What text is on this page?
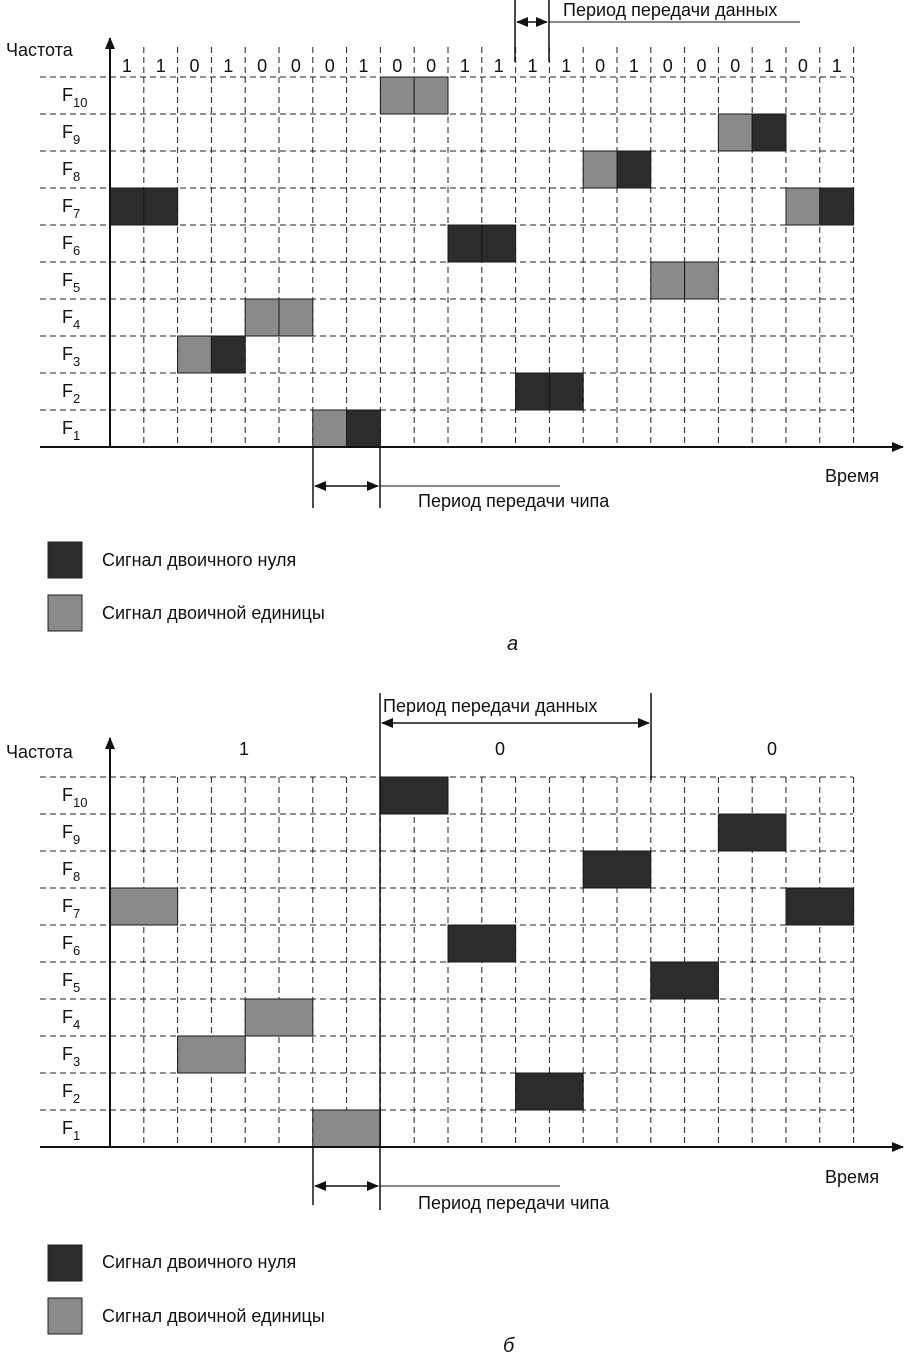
1 1 0 1 0 0 0 1 0 0 1 1 1 1 0 1 0 0 0 1 0 1
$F_{10}$
$F_9$
$F_8$
$F_7$
$F_6$
$F_5$
$F_4$
$F_3$
$F_2$
$F_1$
Частота
Время
Период передачи данных
Период передачи чипа
Сигнал двоичного нуля
Сигнал двоичной единицы
а
1	0	0
$F_{10}$
$F_9$
$F_8$
$F_7$
$F_6$
$F_5$
$F_4$
$F_3$
$F_2$
$F_1$
Частота
Время
Период передачи данных
Период передачи чипа
Сигнал двоичного нуля
Сигнал двоичной единицы
б
